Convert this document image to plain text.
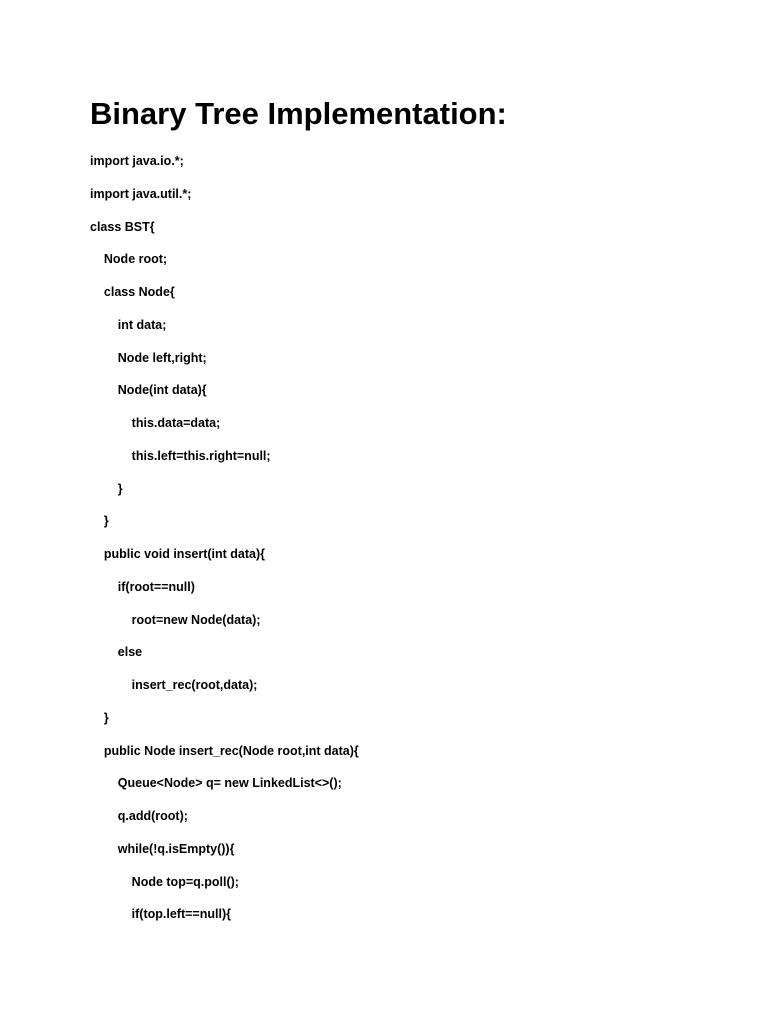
Binary Tree Implementation:
import java.io.*;
import java.util.*;
class BST{
Node root;
class Node{
int data;
Node left,right;
Node(int data){
this.data=data;
this.left=this.right=null;
}
}
public void insert(int data){
if(root==null)
root=new Node(data);
else
insert_rec(root,data);
}
public Node insert_rec(Node root,int data){
Queue<Node> q= new LinkedList<>();
q.add(root);
while(!q.isEmpty()){
Node top=q.poll();
if(top.left==null){
